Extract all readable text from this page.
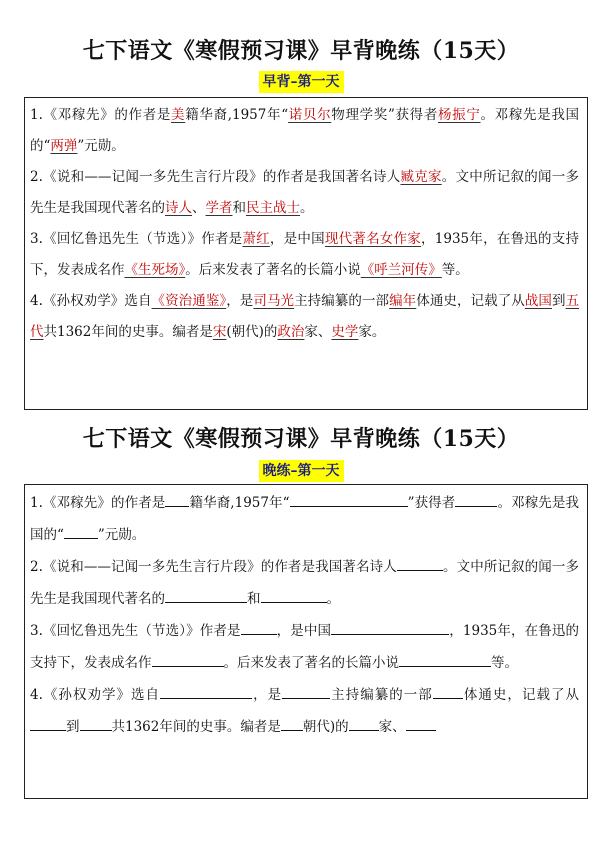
七下语文《寒假预习课》早背晚练（15天）
早背–第一天
1.《邓稼先》的作者是美籍华裔,1957年“诺贝尔物理学奖”获得者杨振宁。邓稼先是我国的“两弹”元勋。
2.《说和——记闻一多先生言行片段》的作者是我国著名诗人臧克家。文中所记叙的闻一多先生是我国现代著名的诗人、学者和民主战士。
3.《回忆鲁迅先生（节选）》作者是萧红，是中国现代著名女作家，1935年，在鲁迅的支持下，发表成名作《生死场》。后来发表了著名的长篇小说《呼兰河传》等。
4.《孙权劝学》选自《资治通鉴》，是司马光主持编纂的一部编年体通史，记载了从战国到五代共1362年间的史事。编者是宋(朝代)的政治家、史学家。
七下语文《寒假预习课》早背晚练（15天）
晚练–第一天
1.《邓稼先》的作者是 籍华裔,1957年“	”获得者	。邓稼先是我国的“	”元勋。
2.《说和——记闻一多先生言行片段》的作者是我国著名诗人	。文中所记叙的闻一多先生是我国现代著名的	和	。
3.《回忆鲁迅先生（节选）》作者是	，是中国	，1935年，在鲁迅的支持下，发表成名作	。后来发表了著名的长篇小说	等。
4.《孙权劝学》选自	，是	主持编纂的一部 体通史，记载了从到 共1362年间的史事。编者是 朝代)的 家、
